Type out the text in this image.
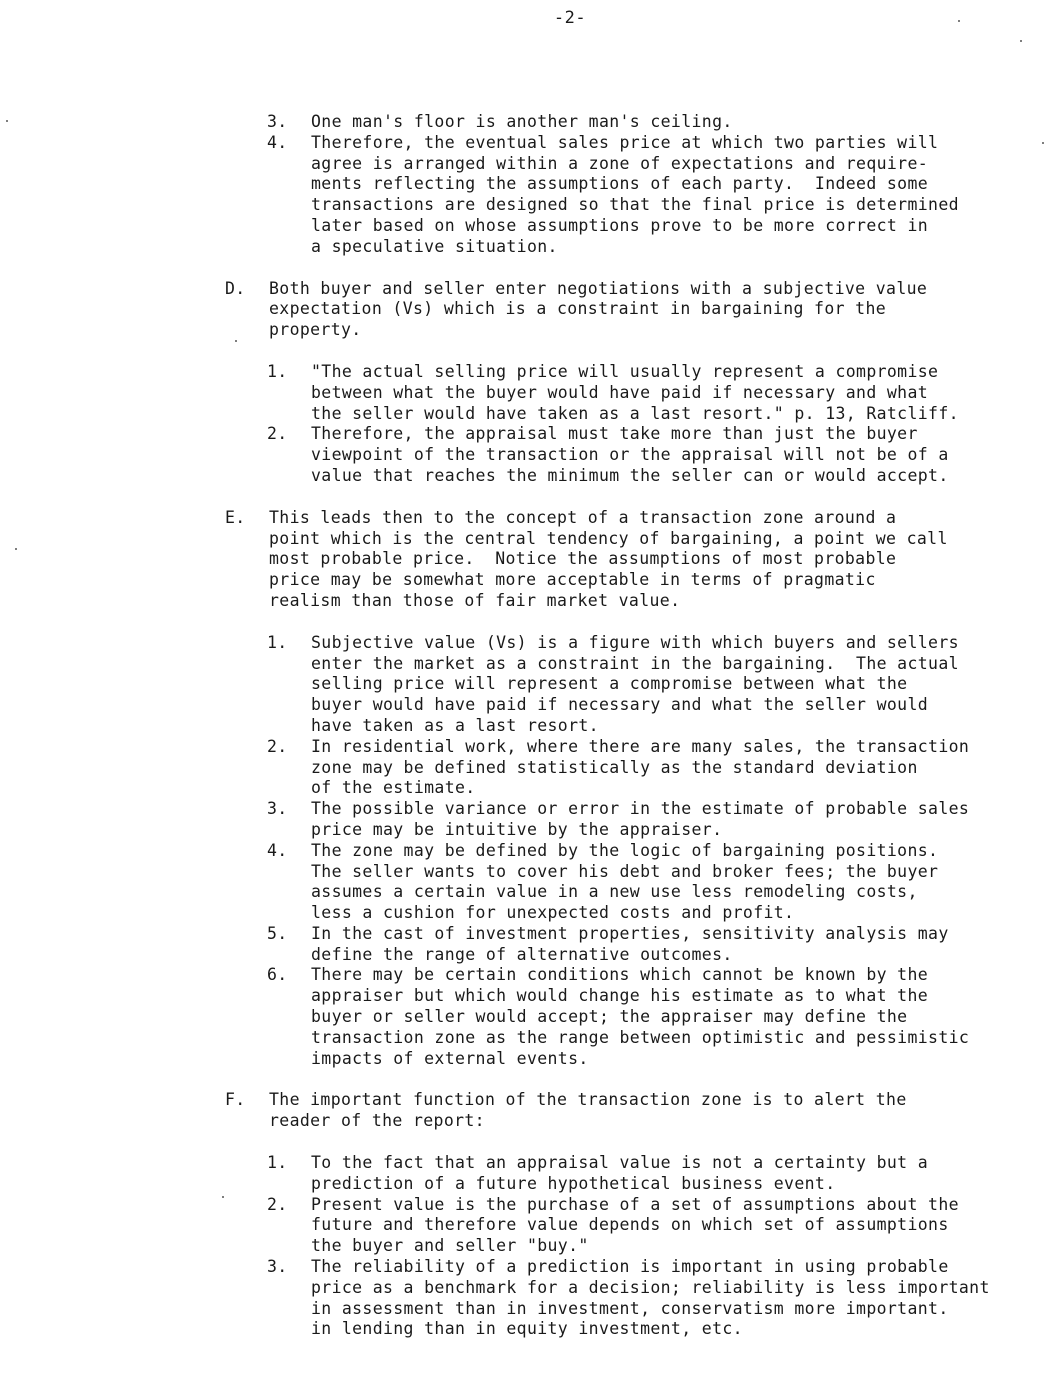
-2-
3.	One man's floor is another man's ceiling.
4.	Therefore, the eventual sales price at which two parties will
agree is arranged within a zone of expectations and require-
ments reflecting the assumptions of each party.  Indeed some
transactions are designed so that the final price is determined
later based on whose assumptions prove to be more correct in
a speculative situation.
D.	Both buyer and seller enter negotiations with a subjective value
expectation (Vs) which is a constraint in bargaining for the
property.
1.	"The actual selling price will usually represent a compromise
between what the buyer would have paid if necessary and what
the seller would have taken as a last resort." p. 13, Ratcliff.
2.	Therefore, the appraisal must take more than just the buyer
viewpoint of the transaction or the appraisal will not be of a
value that reaches the minimum the seller can or would accept.
E.	This leads then to the concept of a transaction zone around a
point which is the central tendency of bargaining, a point we call
most probable price.  Notice the assumptions of most probable
price may be somewhat more acceptable in terms of pragmatic
realism than those of fair market value.
1.	Subjective value (Vs) is a figure with which buyers and sellers
enter the market as a constraint in the bargaining.  The actual
selling price will represent a compromise between what the
buyer would have paid if necessary and what the seller would
have taken as a last resort.
2.	In residential work, where there are many sales, the transaction
zone may be defined statistically as the standard deviation
of the estimate.
3.	The possible variance or error in the estimate of probable sales
price may be intuitive by the appraiser.
4.	The zone may be defined by the logic of bargaining positions.
The seller wants to cover his debt and broker fees; the buyer
assumes a certain value in a new use less remodeling costs,
less a cushion for unexpected costs and profit.
5.	In the cast of investment properties, sensitivity analysis may
define the range of alternative outcomes.
6.	There may be certain conditions which cannot be known by the
appraiser but which would change his estimate as to what the
buyer or seller would accept; the appraiser may define the
transaction zone as the range between optimistic and pessimistic
impacts of external events.
F.	The important function of the transaction zone is to alert the
reader of the report:
1.	To the fact that an appraisal value is not a certainty but a
prediction of a future hypothetical business event.
2.	Present value is the purchase of a set of assumptions about the
future and therefore value depends on which set of assumptions
the buyer and seller "buy."
3.	The reliability of a prediction is important in using probable
price as a benchmark for a decision; reliability is less important
in assessment than in investment, conservatism more important.
in lending than in equity investment, etc.
